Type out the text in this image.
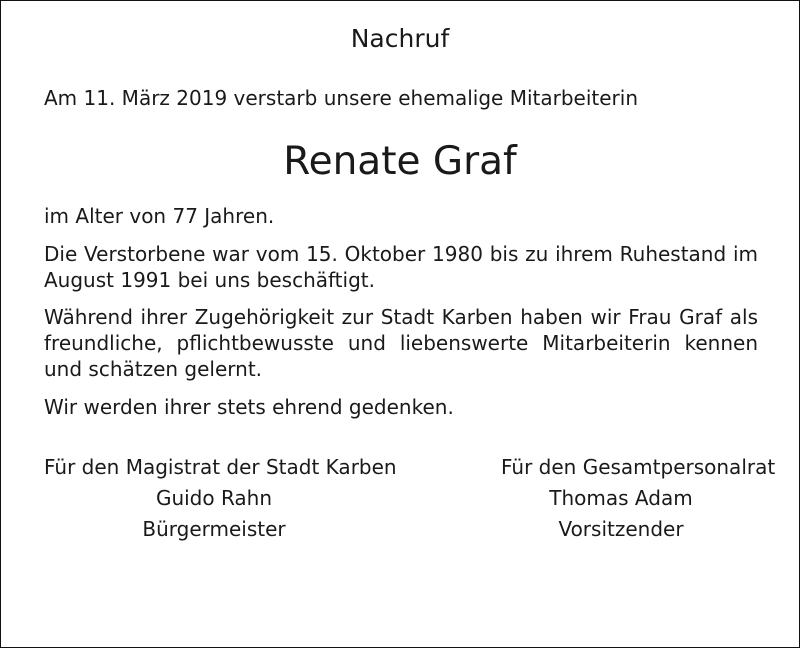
Nachruf
Am 11. März 2019 verstarb unsere ehemalige Mitarbeiterin
Renate Graf
im Alter von 77 Jahren.
Die Verstorbene war vom 15. Oktober 1980 bis zu ihrem Ruhestand im August 1991 bei uns beschäftigt.
Während ihrer Zugehörigkeit zur Stadt Karben haben wir Frau Graf als freundliche, pflichtbewusste und liebenswerte Mitarbeiterin kennen und schätzen gelernt.
Wir werden ihrer stets ehrend gedenken.
Für den Magistrat der Stadt Karben
Guido Rahn
Bürgermeister
Für den Gesamtpersonalrat
Thomas Adam
Vorsitzender
